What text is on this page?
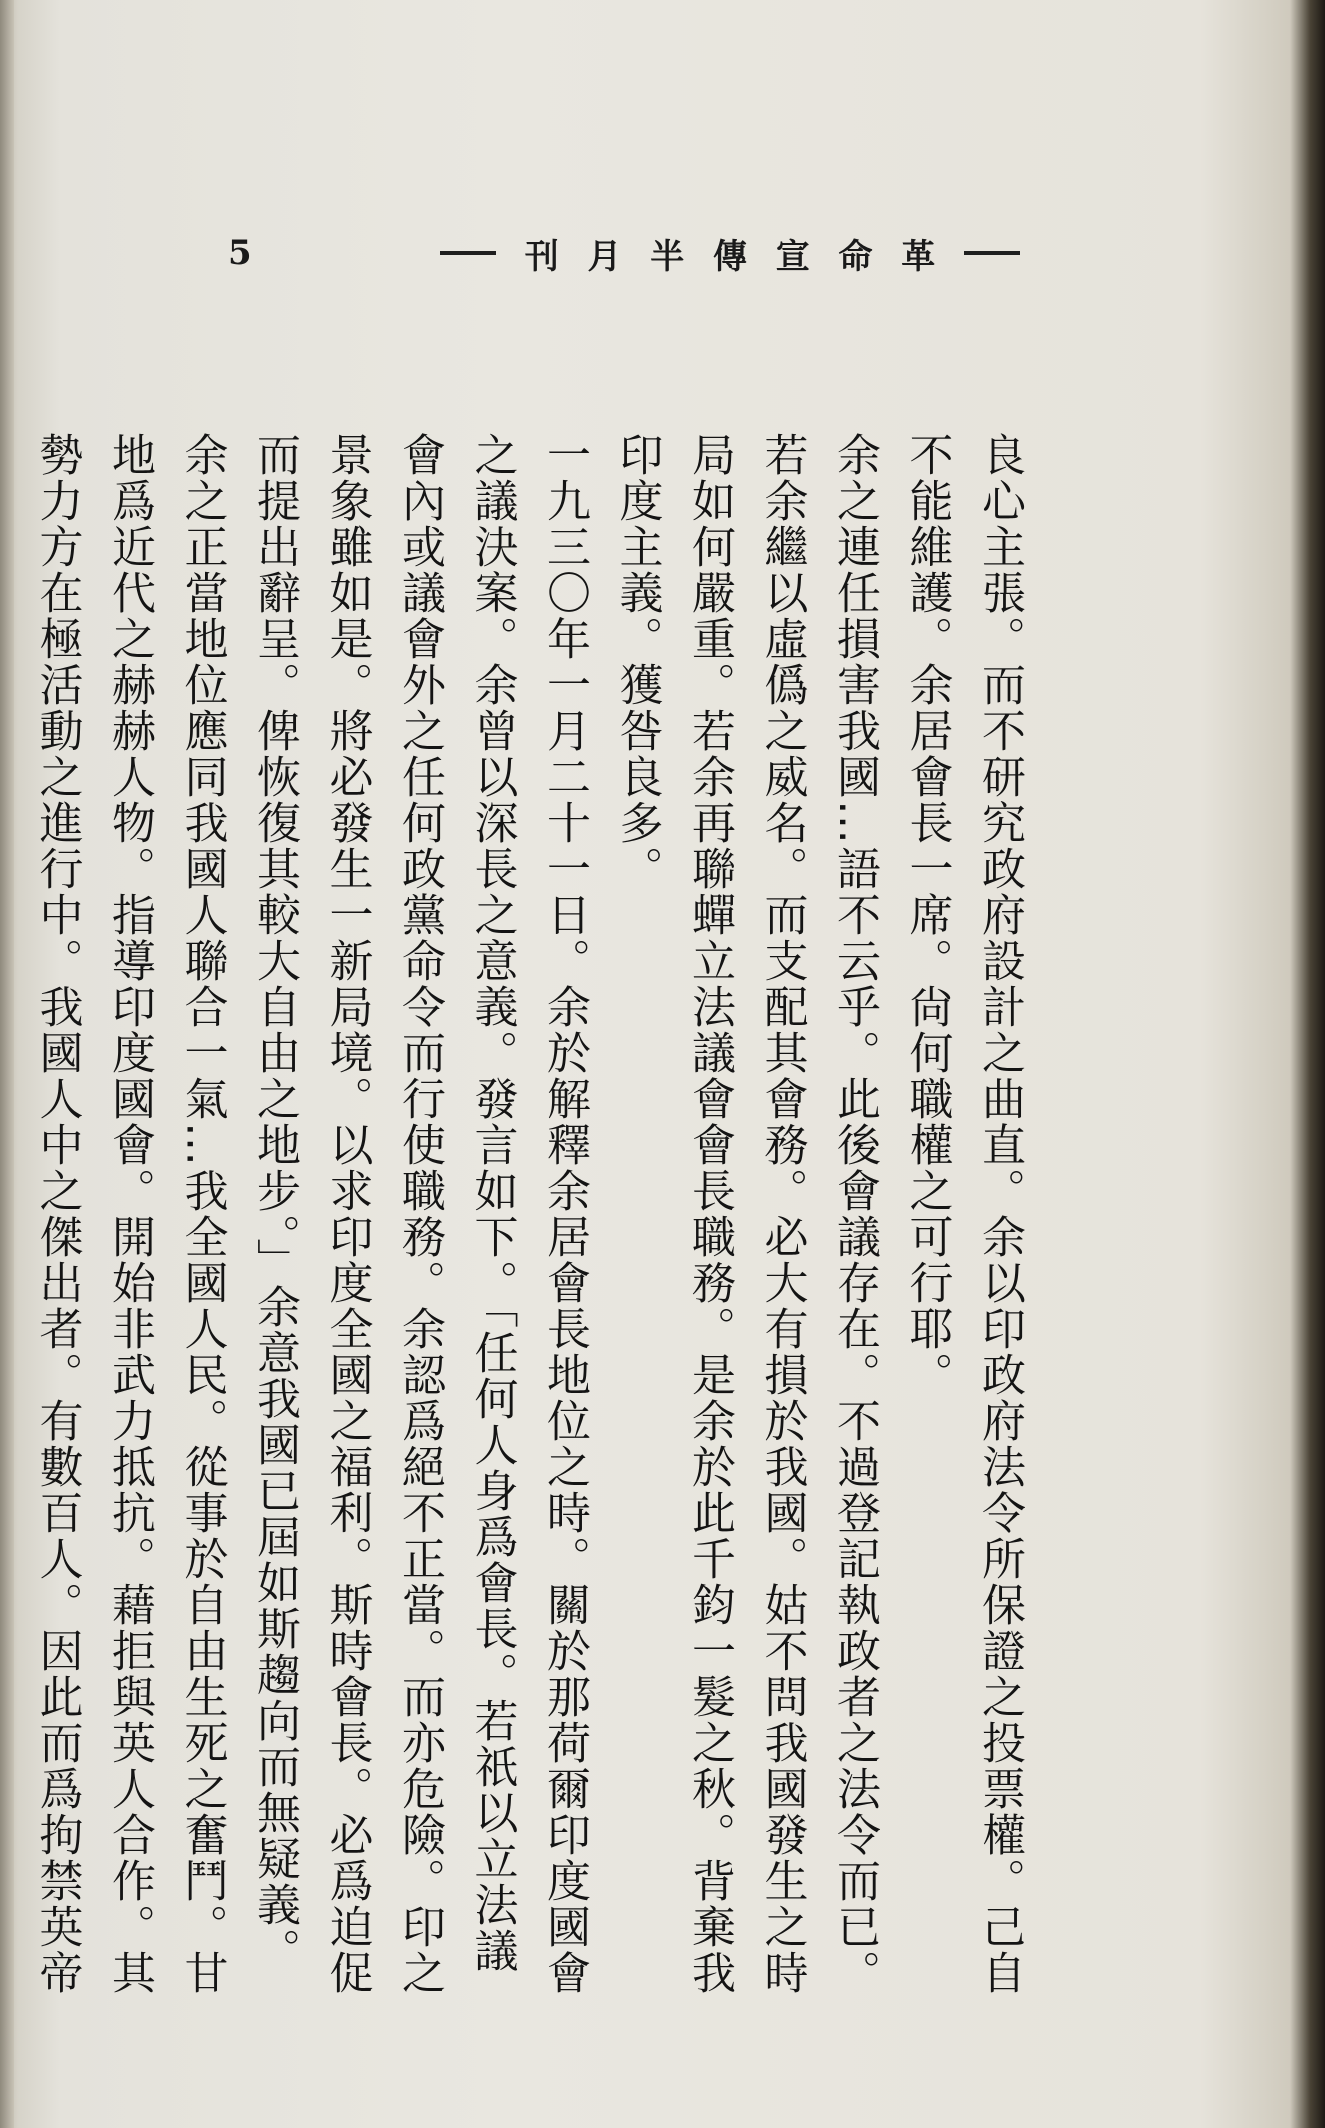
5	革
命
宣
傳
半
月
刊
良心主張。而不研究政府設計之曲直。余以印政府法令所保證之投票權。己自
不能維護。余居會長一席。尙何職權之可行耶。
余之連任損害我國…語不云乎。此後會議存在。不過登記執政者之法令而已。
若余繼以虛僞之威名。而支配其會務。必大有損於我國。姑不問我國發生之時
局如何嚴重。若余再聯蟬立法議會會長職務。是余於此千鈞一髮之秋。背棄我
印度主義。獲咎良多。
一九三〇年一月二十一日。余於解釋余居會長地位之時。關於那荷爾印度國會
之議決案。余曾以深長之意義。發言如下。「任何人身爲會長。若祇以立法議
會內或議會外之任何政黨命令而行使職務。余認爲絕不正當。而亦危險。印之
景象雖如是。將必發生一新局境。以求印度全國之福利。斯時會長。必爲迫促
而提出辭呈。俾恢復其較大自由之地步。」余意我國已屆如斯趨向而無疑義。
余之正當地位應同我國人聯合一氣…我全國人民。從事於自由生死之奮鬥。甘
地爲近代之赫赫人物。指導印度國會。開始非武力抵抗。藉拒與英人合作。其
勢力方在極活動之進行中。我國人中之傑出者。有數百人。因此而爲拘禁英帝
